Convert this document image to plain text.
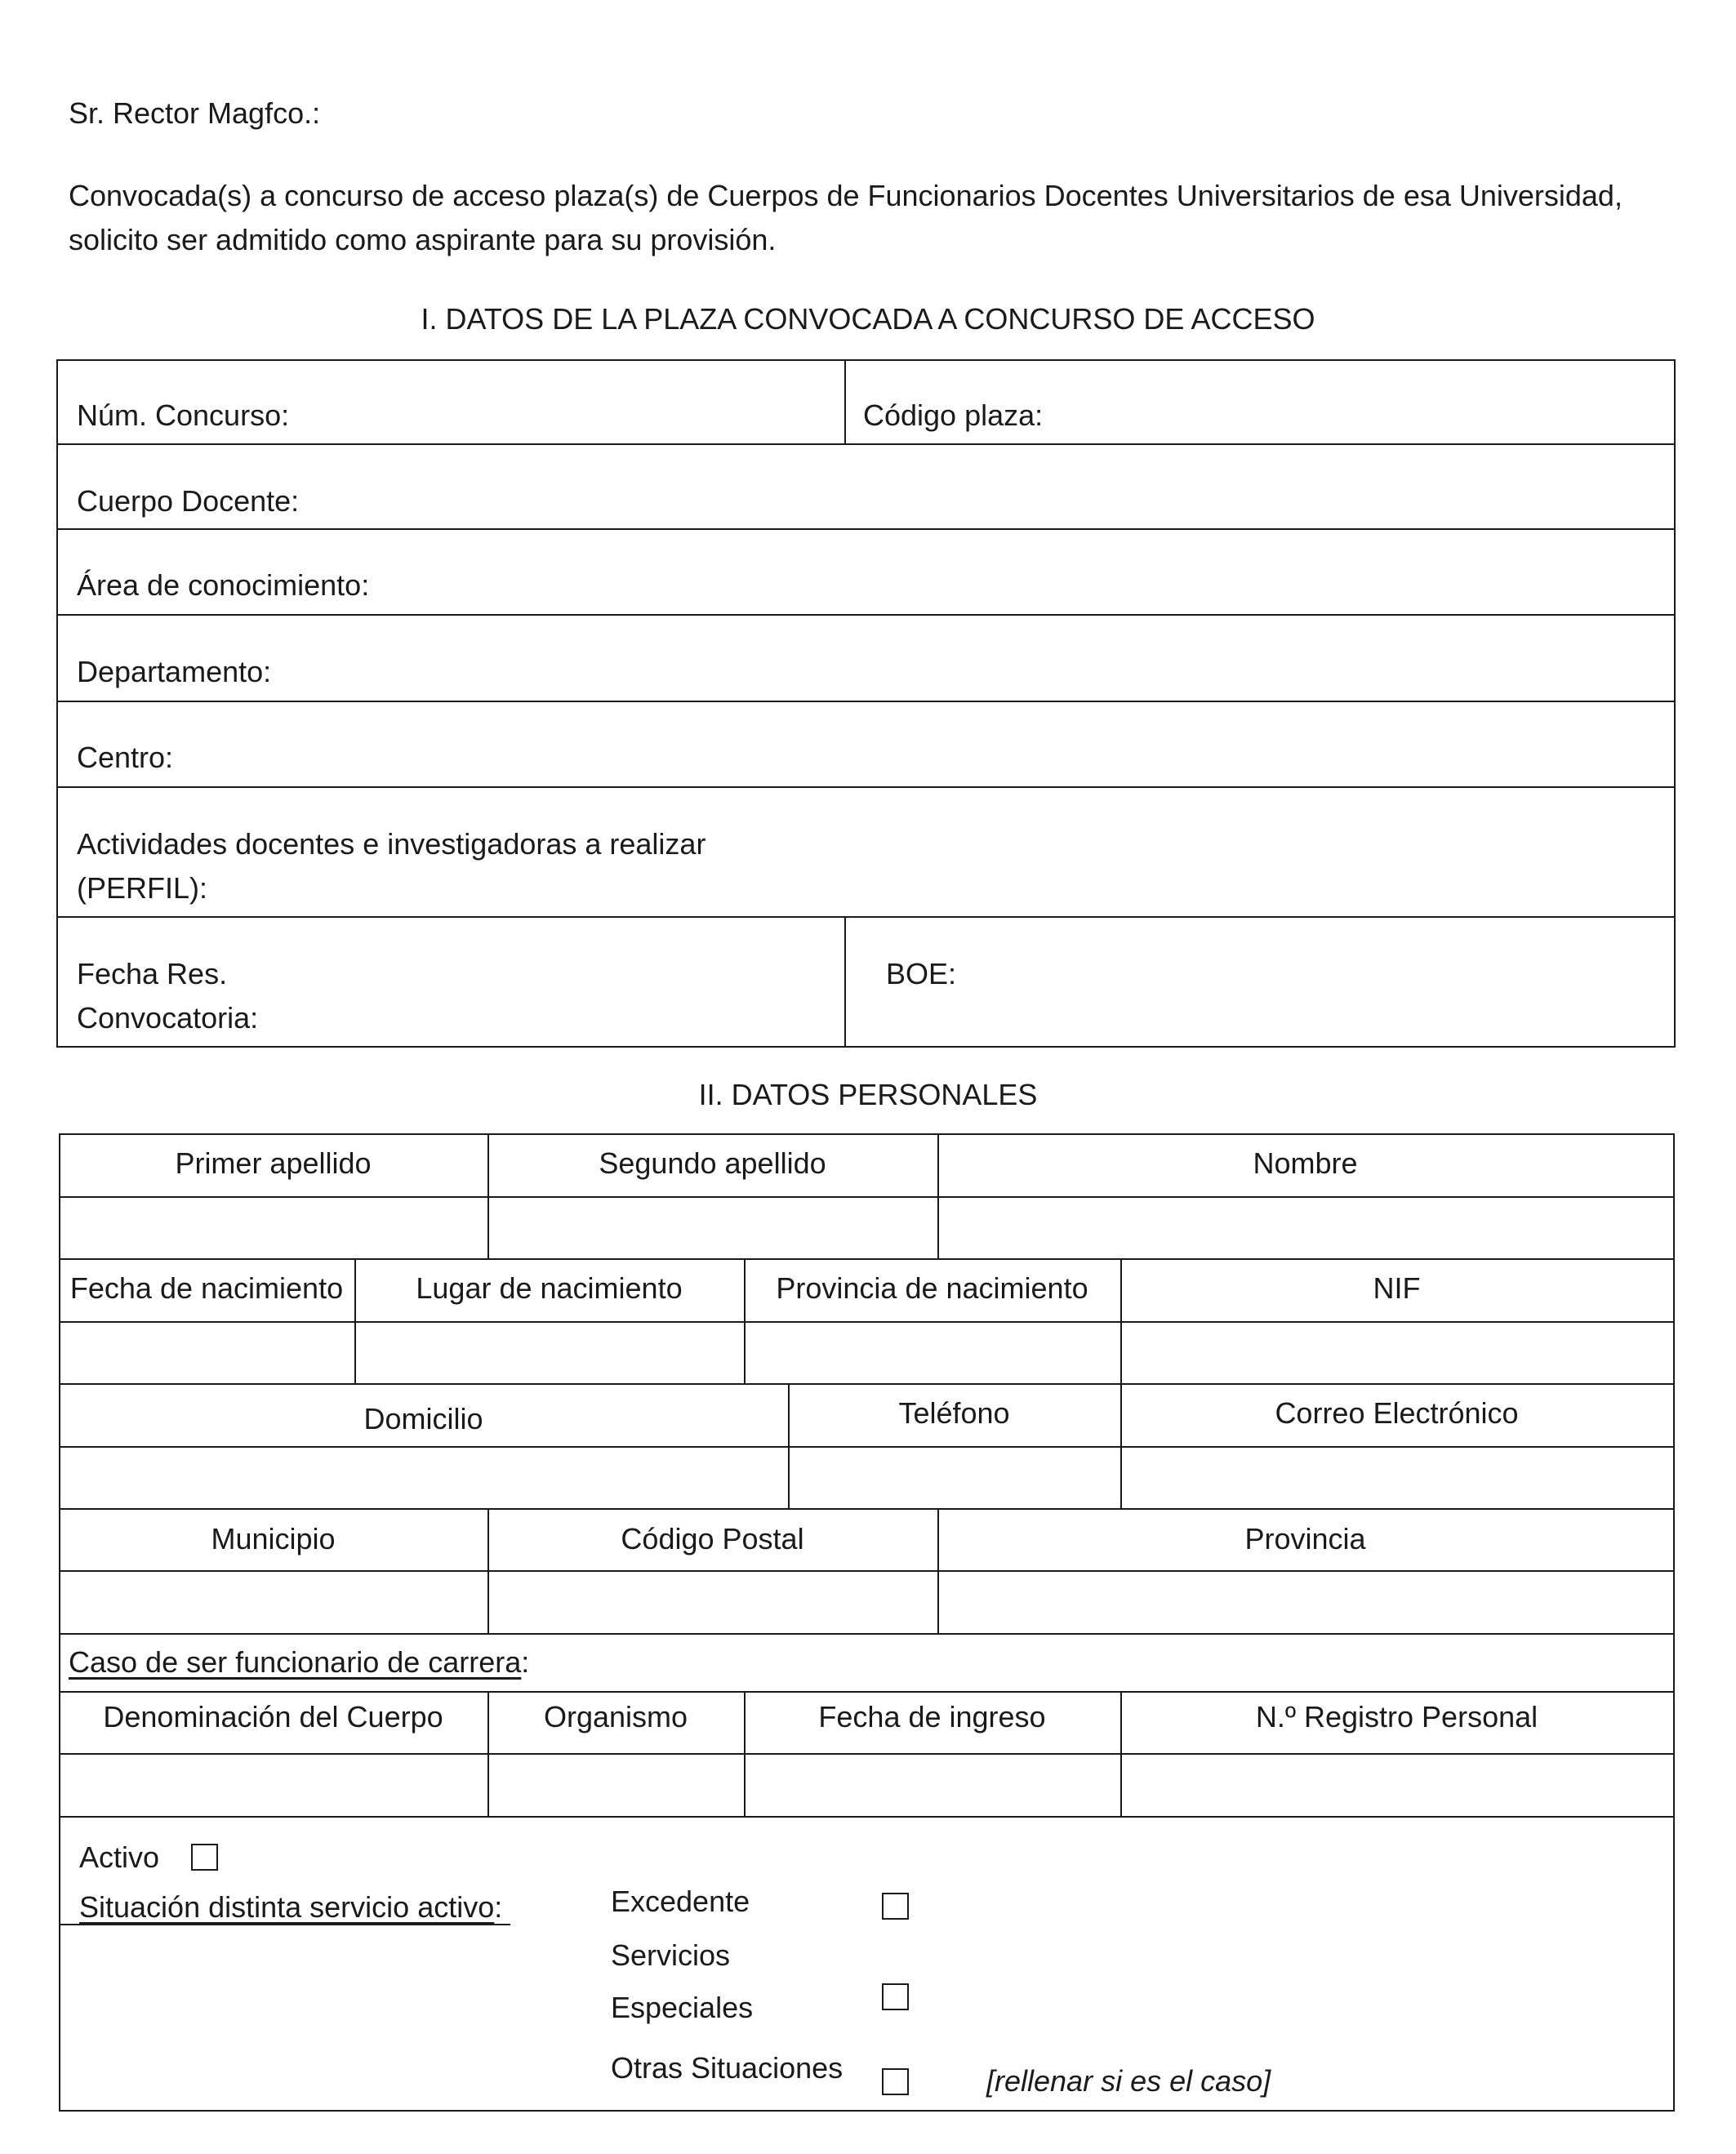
Sr. Rector Magfco.:
Convocada(s) a concurso de acceso plaza(s) de Cuerpos de Funcionarios Docentes Universitarios de esa Universidad,
solicito ser admitido como aspirante para su provisión.
I. DATOS DE LA PLAZA CONVOCADA A CONCURSO DE ACCESO
Núm. Concurso:	Código plaza:
Cuerpo Docente:
Área de conocimiento:
Departamento:
Centro:
Actividades docentes e investigadoras a realizar
(PERFIL):
Fecha Res.
Convocatoria:
BOE:
II. DATOS PERSONALES
Primer apellido	Segundo apellido	Nombre
Fecha de nacimiento	Lugar de nacimiento	Provincia de nacimiento	NIF
Domicilio	Teléfono	Correo Electrónico
Municipio	Código Postal	Provincia
Caso de ser funcionario de carrera:
Denominación del Cuerpo	Organismo	Fecha de ingreso	N.º Registro Personal
Activo
Situación distinta servicio activo:	Excedente
Servicios
Especiales
Otras Situaciones	[rellenar si es el caso]
